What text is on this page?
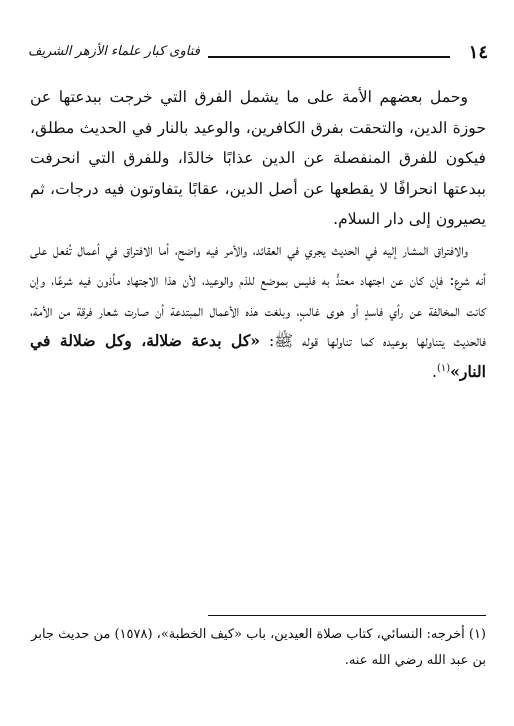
١٤
فتاوى كبار علماء الأزهر الشريف

وحمل بعضهم الأمة على ما يشمل الفرق التي خرجت ببدعتها عن حوزة الدين، والتحقت بفرق الكافرين، والوعيد بالنار في الحديث مطلق، فيكون للفرق المنفصلة عن الدين عذابًا خالدًا، وللفرق التي انحرفت ببدعتها انحرافًا لا يقطعها عن أصل الدين، عقابًا يتفاوتون فيه درجات، ثم يصيرون إلى دار السلام.

والافتراق المشار إليه في الحديث يجري في العقائد، والأمر فيه واضح، أما الافتراق في أعمال تُفعل على أنه شرع: فإن كان عن اجتهاد معتدٍّ به فليس بموضع للذم والوعيد، لأن هذا الاجتهاد مأذون فيه شرعًا، وإن كانت المخالفة عن رأي فاسدٍ أو هوى غالبٍ، وبلغت هذه الأعمال المبتدعة أن صارت شعار فرقة من الأمة، فالحديث يتناولها بوعيده كما تناولها قوله ﷺ: «كل بدعة ضلالة، وكل ضلالة في النار»$^{(١)}$.

(١) أخرجه: النسائي، كتاب صلاة العيدين، باب «كيف الخطبة»، (١٥٧٨) من حديث جابر بن عبد الله رضي الله عنه.
